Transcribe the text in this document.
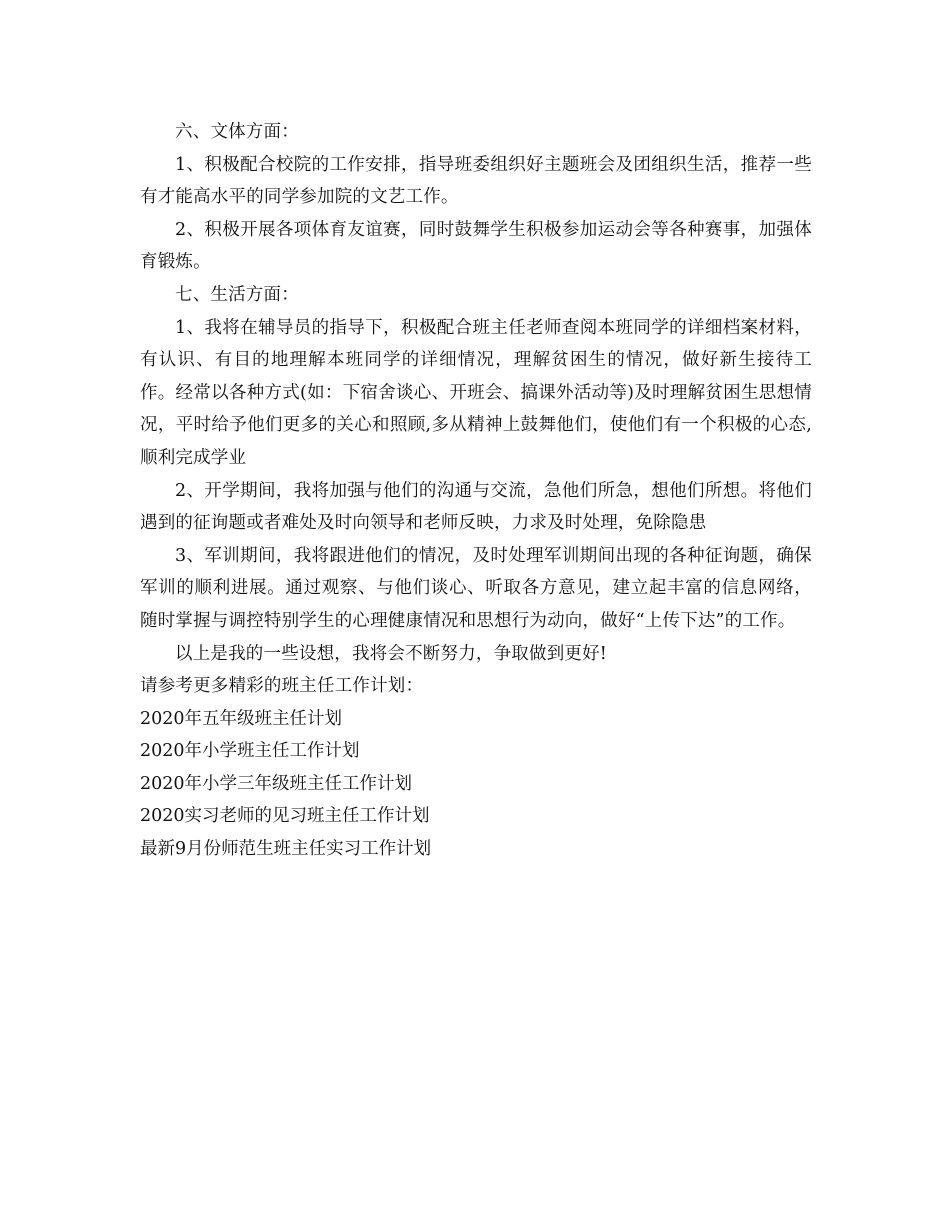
六、文体方面：

1、积极配合校院的工作安排，指导班委组织好主题班会及团组织生活，推荐一些有才能高水平的同学参加院的文艺工作。

2、积极开展各项体育友谊赛，同时鼓舞学生积极参加运动会等各种赛事，加强体育锻炼。

七、生活方面：

1、我将在辅导员的指导下，积极配合班主任老师查阅本班同学的详细档案材料，有认识、有目的地理解本班同学的详细情况，理解贫困生的情况，做好新生接待工作。经常以各种方式(如：下宿舍谈心、开班会、搞课外活动等)及时理解贫困生思想情况，平时给予他们更多的关心和照顾,多从精神上鼓舞他们，使他们有一个积极的心态,顺利完成学业

2、开学期间，我将加强与他们的沟通与交流，急他们所急，想他们所想。将他们遇到的征询题或者难处及时向领导和老师反映，力求及时处理，免除隐患

3、军训期间，我将跟进他们的情况，及时处理军训期间出现的各种征询题，确保军训的顺利进展。通过观察、与他们谈心、听取各方意见，建立起丰富的信息网络，随时掌握与调控特别学生的心理健康情况和思想行为动向，做好“上传下达”的工作。

以上是我的一些设想，我将会不断努力，争取做到更好!

请参考更多精彩的班主任工作计划：

2020年五年级班主任计划
2020年小学班主任工作计划
2020年小学三年级班主任工作计划
2020实习老师的见习班主任工作计划
最新9月份师范生班主任实习工作计划
